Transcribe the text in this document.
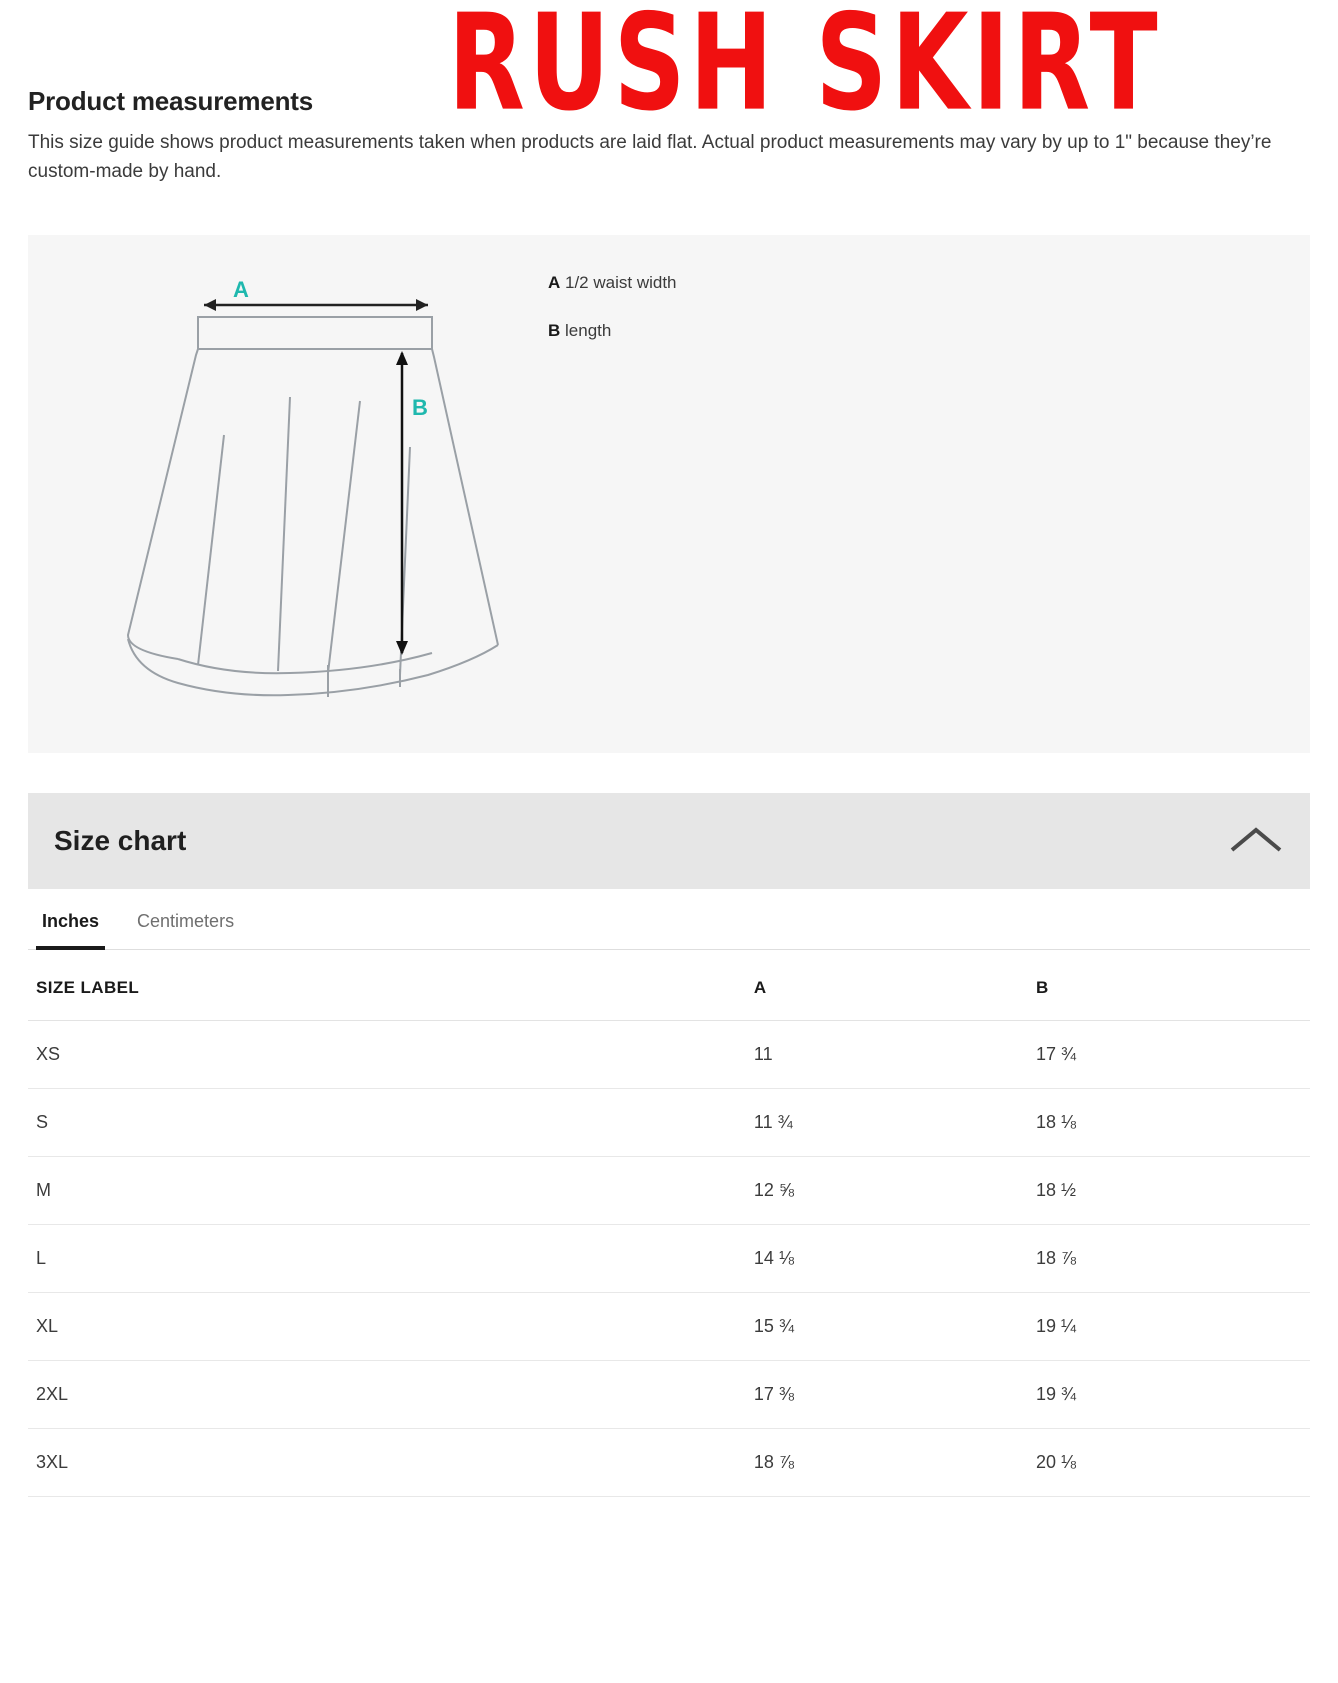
Product measurements RUSH SKIRT

This size guide shows product measurements taken when products are laid flat. Actual product measurements may vary by up to 1" because they’re custom-made by hand.

A
B
A 1/2 waist width
B length
Size chart
Inches	Centimeters
SIZE LABEL	A	B
XS	11	17 ¾
S	11 ¾	18 ⅛
M	12 ⅝	18 ½
L	14 ⅛	18 ⅞
XL	15 ¾	19 ¼
2XL	17 ⅜	19 ¾
3XL	18 ⅞	20 ⅛
